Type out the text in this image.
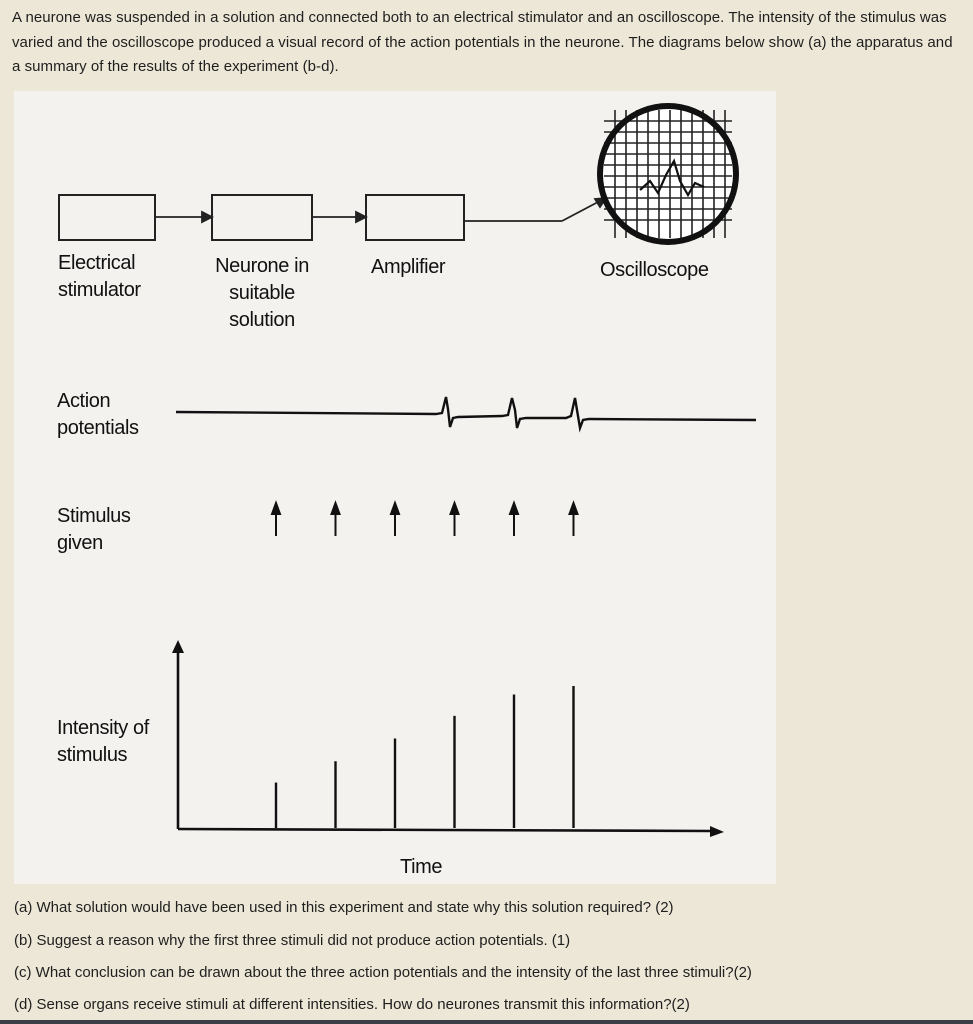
A neurone was suspended in a solution and connected both to an electrical stimulator and an oscilloscope. The intensity of the stimulus was varied and the oscilloscope produced a visual record of the action potentials in the neurone. The diagrams below show (a) the apparatus and a summary of the results of the experiment (b-d).

Electrical stimulator

Neurone in suitable solution

Amplifier	Oscilloscope

Action potentials

Stimulus given

Intensity of stimulus

Time

(a) What solution would have been used in this experiment and state why this solution required? (2)

(b) Suggest a reason why the first three stimuli did not produce action potentials. (1)

(c) What conclusion can be drawn about the three action potentials and the intensity of the last three stimuli?(2)

(d) Sense organs receive stimuli at different intensities. How do neurones transmit this information?(2)
